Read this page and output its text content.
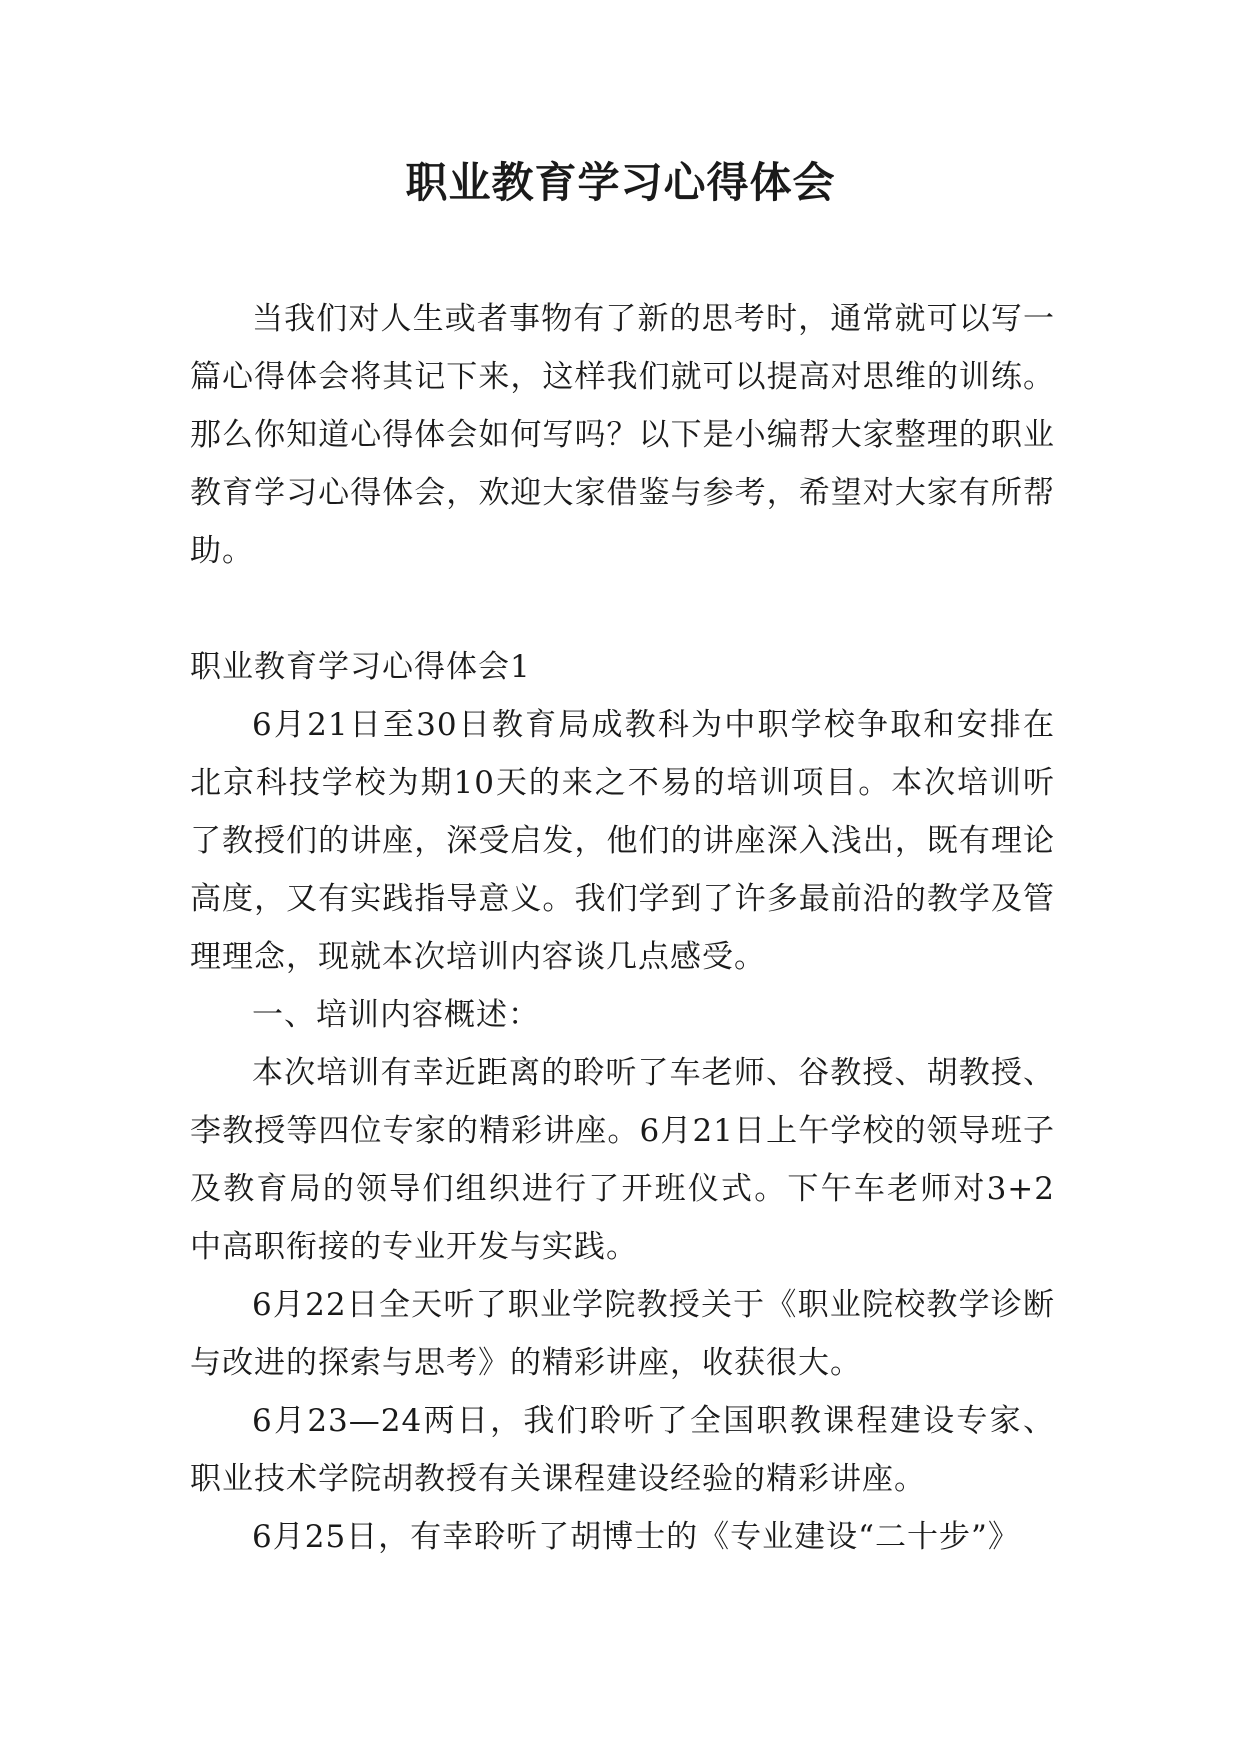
职业教育学习心得体会

当我们对人生或者事物有了新的思考时，通常就可以写一篇心得体会将其记下来，这样我们就可以提高对思维的训练。那么你知道心得体会如何写吗？以下是小编帮大家整理的职业教育学习心得体会，欢迎大家借鉴与参考，希望对大家有所帮助。

职业教育学习心得体会1

6月21日至30日教育局成教科为中职学校争取和安排在北京科技学校为期10天的来之不易的培训项目。本次培训听了教授们的讲座，深受启发，他们的讲座深入浅出，既有理论高度，又有实践指导意义。我们学到了许多最前沿的教学及管理理念，现就本次培训内容谈几点感受。

一、培训内容概述：

本次培训有幸近距离的聆听了车老师、谷教授、胡教授、李教授等四位专家的精彩讲座。6月21日上午学校的领导班子及教育局的领导们组织进行了开班仪式。下午车老师对3+2中高职衔接的专业开发与实践。

6月22日全天听了职业学院教授关于《职业院校教学诊断与改进的探索与思考》的精彩讲座，收获很大。

6月23—24两日，我们聆听了全国职教课程建设专家、职业技术学院胡教授有关课程建设经验的精彩讲座。

6月25日，有幸聆听了胡博士的《专业建设“二十步”》
